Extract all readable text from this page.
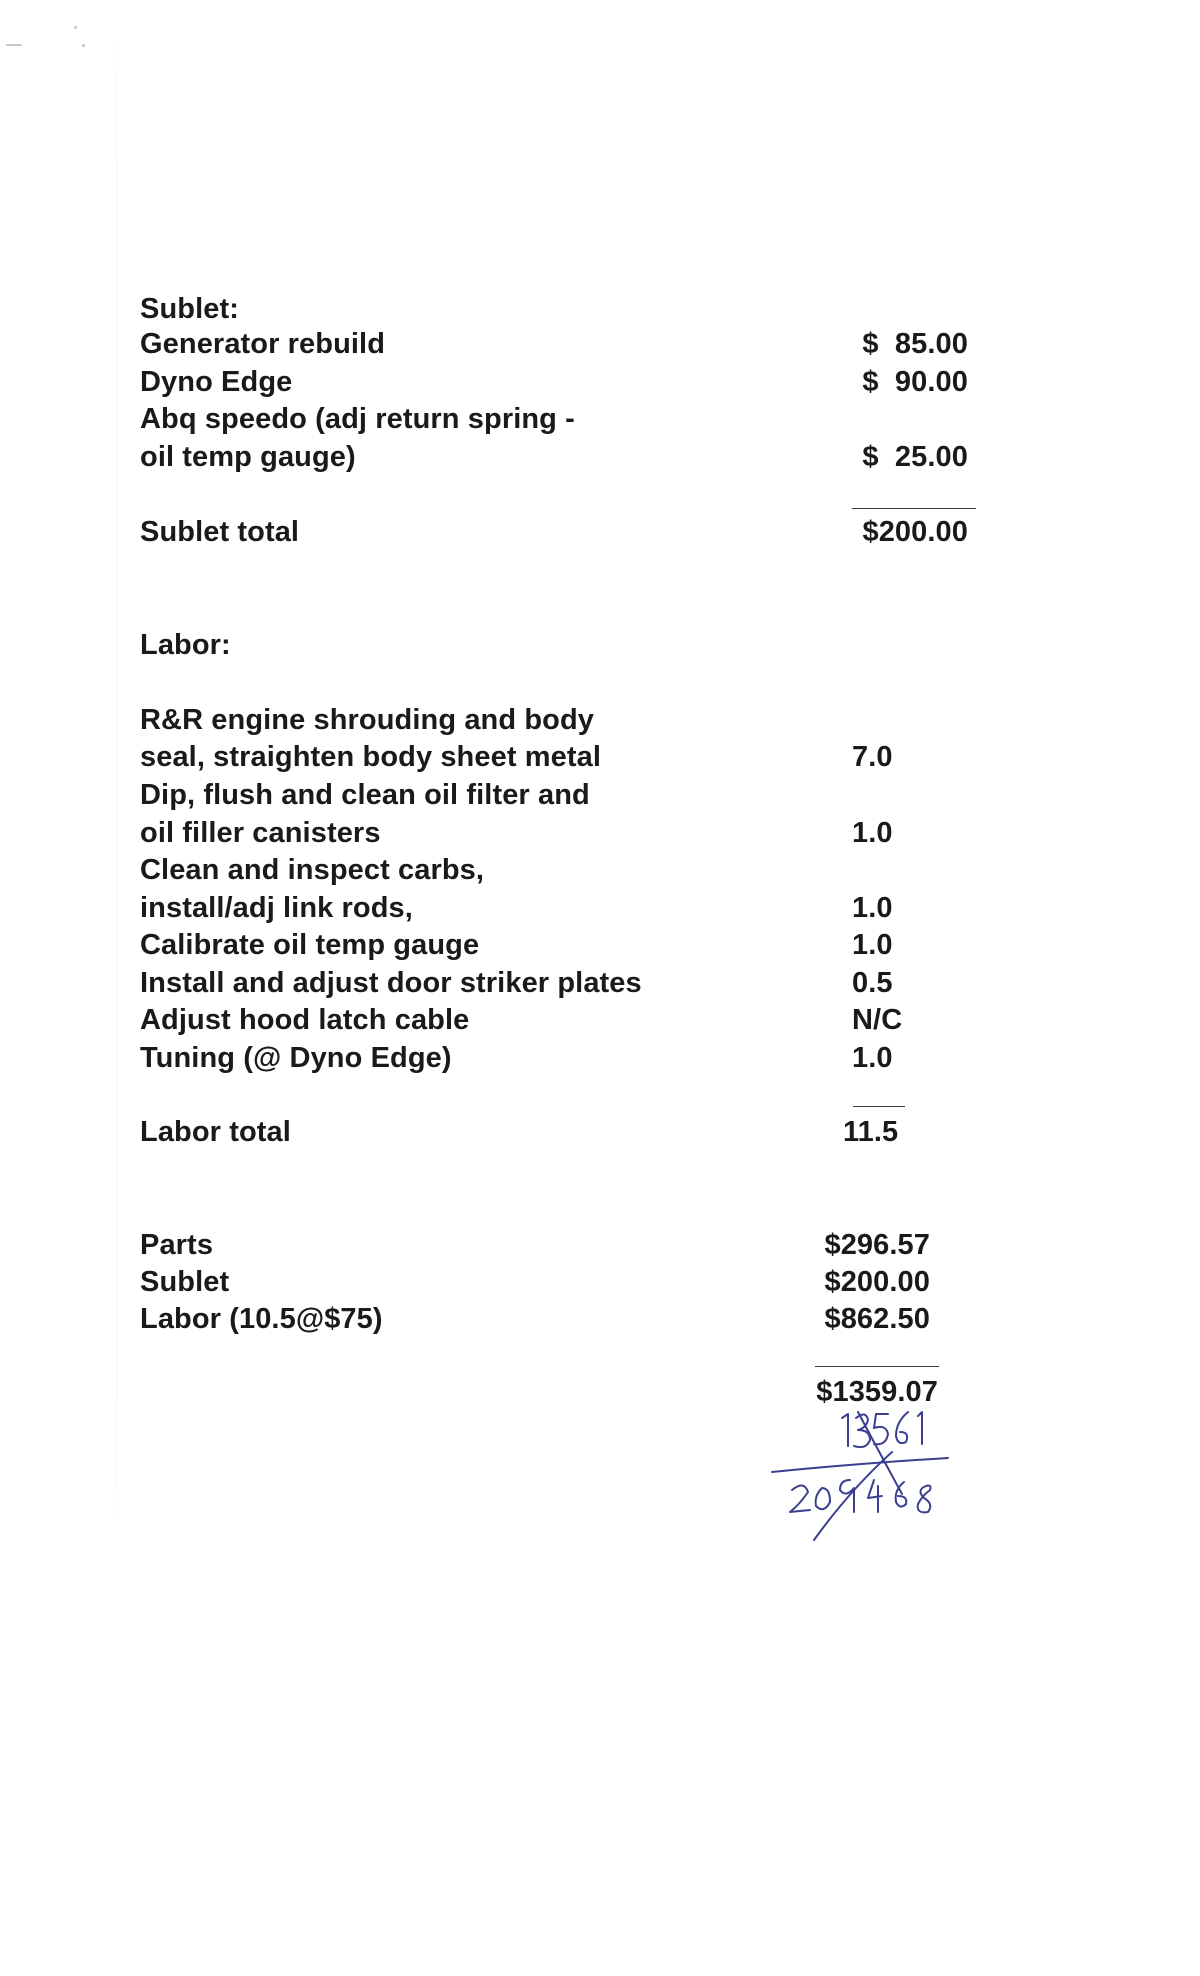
Sublet:
Generator rebuild	$  85.00
Dyno Edge	$  90.00
Abq speedo (adj return spring -
oil temp gauge)	$  25.00
Sublet total	$200.00
Labor:
R&R engine shrouding and body
seal, straighten body sheet metal	7.0
Dip, flush and clean oil filter and
oil filler canisters	1.0
Clean and inspect carbs,
install/adj link rods,	1.0
Calibrate oil temp gauge	1.0
Install and adjust door striker plates	0.5
Adjust hood latch cable	N/C
Tuning (@ Dyno Edge)	1.0
Labor total	11.5
Parts	$296.57
Sublet	$200.00
Labor (10.5@$75)	$862.50
$1359.07
